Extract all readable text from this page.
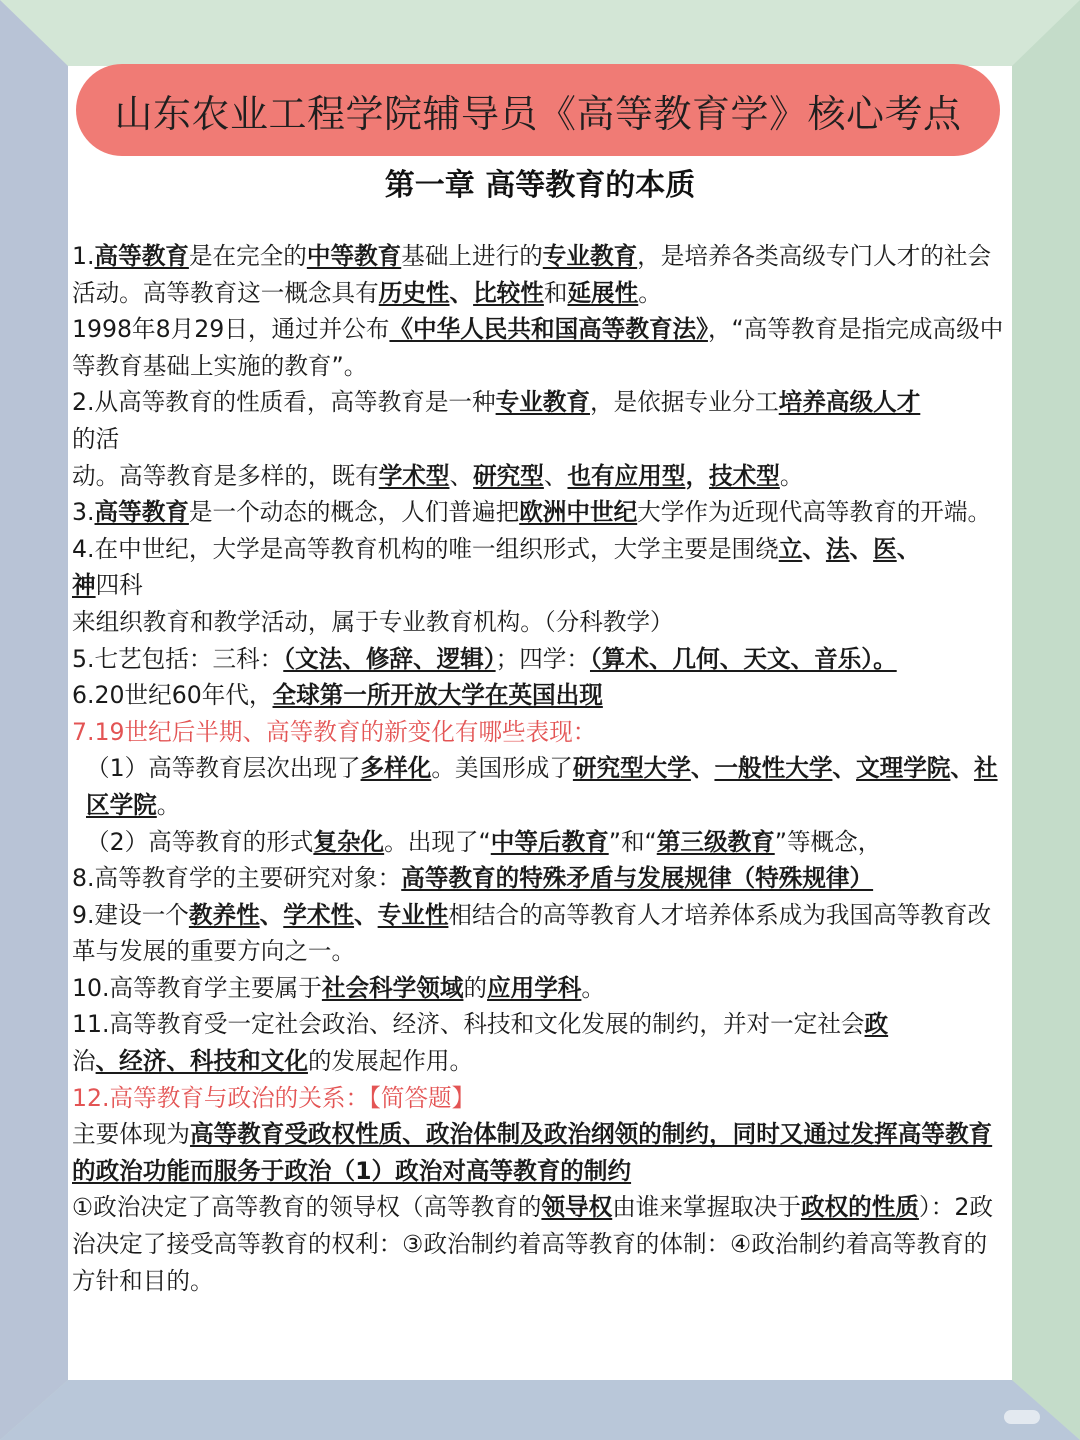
山东农业工程学院辅导员《高等教育学》核心考点
第一章 高等教育的本质

1.高等教育是在完全的中等教育基础上进行的专业教育，是培养各类高级专门人才的社会活动。高等教育这一概念具有历史性、比较性和延展性。

1998年8月29日，通过并公布《中华人民共和国高等教育法》，“高等教育是指完成高级中等教育基础上实施的教育”。

2.从高等教育的性质看，高等教育是一种专业教育，是依据专业分工培养高级人才
的活
动。高等教育是多样的，既有学术型、研究型、也有应用型，技术型。

3.高等教育是一个动态的概念，人们普遍把欧洲中世纪大学作为近现代高等教育的开端。

4.在中世纪，大学是高等教育机构的唯一组织形式，大学主要是围绕立、法、医、
神四科
来组织教育和教学活动，属于专业教育机构。（分科教学）

5.七艺包括：三科：（文法、修辞、逻辑）；四学：（算术、几何、天文、音乐）。

6.20世纪60年代，全球第一所开放大学在英国出现

7.19世纪后半期、高等教育的新变化有哪些表现：

（1）高等教育层次出现了多样化。美国形成了研究型大学、一般性大学、文理学院、社区学院。

（2）高等教育的形式复杂化。出现了“中等后教育”和“第三级教育”等概念，

8.高等教育学的主要研究对象：高等教育的特殊矛盾与发展规律（特殊规律）

9.建设一个教养性、学术性、专业性相结合的高等教育人才培养体系成为我国高等教育改革与发展的重要方向之一。

10.高等教育学主要属于社会科学领域的应用学科。

11.高等教育受一定社会政治、经济、科技和文化发展的制约，并对一定社会政
治、经济、科技和文化的发展起作用。

12.高等教育与政治的关系：【简答题】

主要体现为高等教育受政权性质、政治体制及政治纲领的制约，同时又通过发挥高等教育的政治功能而服务于政治（1）政治对高等教育的制约

①政治决定了高等教育的领导权（高等教育的领导权由谁来掌握取决于政权的性质）：2政治决定了接受高等教育的权利：③政治制约着高等教育的体制：④政治制约着高等教育的方针和目的。
